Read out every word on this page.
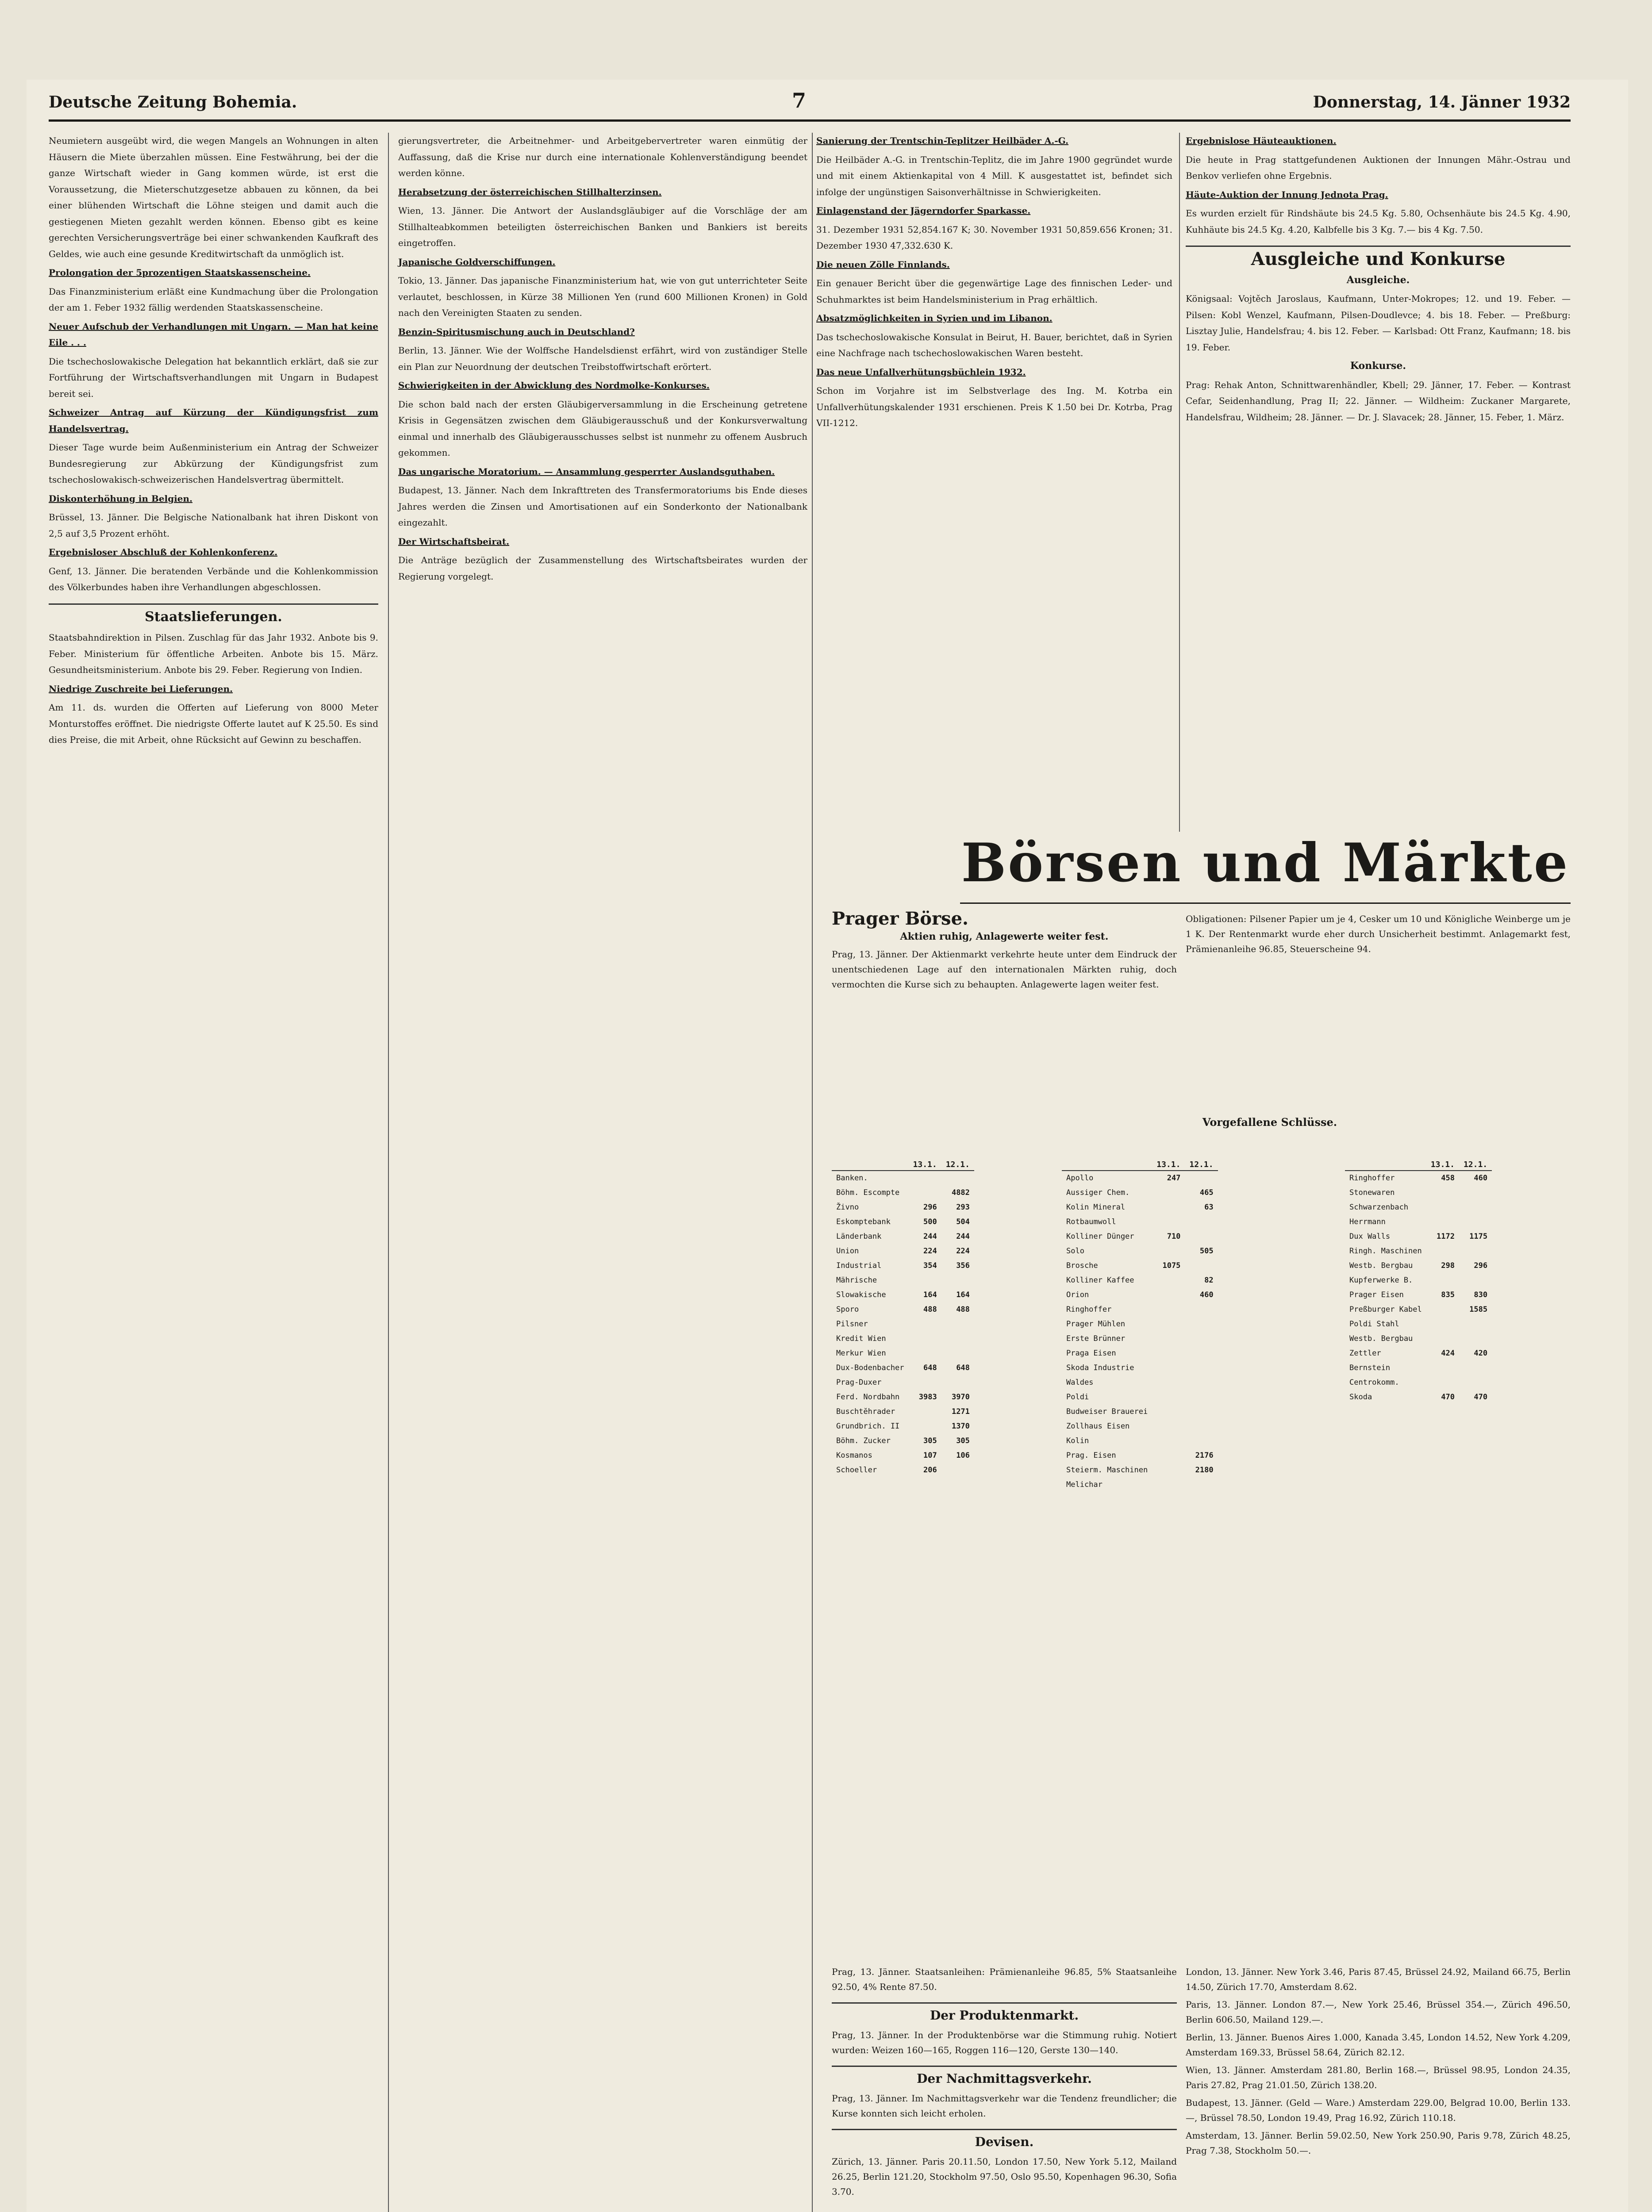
Deutsche Zeitung Bohemia.	7	Donnerstag, 14. Jänner 1932

Neumietern ausgeübt wird, die wegen Mangels an Wohnungen in alten Häusern die Miete überzahlen müssen. Eine Festwährung, bei der die ganze Wirtschaft wieder in Gang kommen würde, ist erst die Voraussetzung, die Mieterschutzgesetze abbauen zu können, da bei einer blühenden Wirtschaft die Löhne steigen und damit auch die gestiegenen Mieten gezahlt werden können. Ebenso gibt es keine gerechten Versicherungsverträge bei einer schwankenden Kaufkraft des Geldes, wie auch eine gesunde Kreditwirtschaft da unmöglich ist.

Prolongation der 5prozentigen Staatskassenscheine.

Das Finanzministerium erläßt eine Kundmachung über die Prolongation der am 1. Feber 1932 fällig werdenden Staatskassenscheine.

Neuer Aufschub der Verhandlungen mit Ungarn. — Man hat keine Eile . . .

Die tschechoslowakische Delegation hat bekanntlich erklärt, daß sie zur Fortführung der Wirtschaftsverhandlungen mit Ungarn in Budapest bereit sei.

Schweizer Antrag auf Kürzung der Kündigungsfrist zum Handelsvertrag.

Dieser Tage wurde beim Außenministerium ein Antrag der Schweizer Bundesregierung zur Abkürzung der Kündigungsfrist zum tschechoslowakisch-schweizerischen Handelsvertrag übermittelt.

Diskonterhöhung in Belgien.

Brüssel, 13. Jänner. Die Belgische Nationalbank hat ihren Diskont von 2,5 auf 3,5 Prozent erhöht.

Ergebnisloser Abschluß der Kohlenkonferenz.

Genf, 13. Jänner. Die beratenden Verbände und die Kohlenkommission des Völkerbundes haben ihre Verhandlungen abgeschlossen.

Staatslieferungen.

Staatsbahndirektion in Pilsen. Zuschlag für das Jahr 1932. Anbote bis 9. Feber. Ministerium für öffentliche Arbeiten. Anbote bis 15. März. Gesundheitsministerium. Anbote bis 29. Feber. Regierung von Indien.

Niedrige Zuschreite bei Lieferungen.

Am 11. ds. wurden die Offerten auf Lieferung von 8000 Meter Monturstoffes eröffnet. Die niedrigste Offerte lautet auf K 25.50. Es sind dies Preise, die mit Arbeit, ohne Rücksicht auf Gewinn zu beschaffen.

gierungsvertreter, die Arbeitnehmer- und Arbeitgebervertreter waren einmütig der Auffassung, daß die Krise nur durch eine internationale Kohlenverständigung beendet werden könne.

Herabsetzung der österreichischen Stillhalterzinsen.

Wien, 13. Jänner. Die Antwort der Auslandsgläubiger auf die Vorschläge der am Stillhalteabkommen beteiligten österreichischen Banken und Bankiers ist bereits eingetroffen.

Japanische Goldverschiffungen.

Tokio, 13. Jänner. Das japanische Finanzministerium hat, wie von gut unterrichteter Seite verlautet, beschlossen, in Kürze 38 Millionen Yen (rund 600 Millionen Kronen) in Gold nach den Vereinigten Staaten zu senden.

Benzin-Spiritusmischung auch in Deutschland?

Berlin, 13. Jänner. Wie der Wolffsche Handelsdienst erfährt, wird von zuständiger Stelle ein Plan zur Neuordnung der deutschen Treibstoffwirtschaft erörtert.

Schwierigkeiten in der Abwicklung des Nordmolke-Konkurses.

Die schon bald nach der ersten Gläubigerversammlung in die Erscheinung getretene Krisis in Gegensätzen zwischen dem Gläubigerausschuß und der Konkursverwaltung einmal und innerhalb des Gläubigerausschusses selbst ist nunmehr zu offenem Ausbruch gekommen.

Das ungarische Moratorium. — Ansammlung gesperrter Auslandsguthaben.

Budapest, 13. Jänner. Nach dem Inkrafttreten des Transfermoratoriums bis Ende dieses Jahres werden die Zinsen und Amortisationen auf ein Sonderkonto der Nationalbank eingezahlt.

Der Wirtschaftsbeirat.

Die Anträge bezüglich der Zusammenstellung des Wirtschaftsbeirates wurden der Regierung vorgelegt.

Sanierung der Trentschin-Teplitzer Heilbäder A.-G.

Die Heilbäder A.-G. in Trentschin-Teplitz, die im Jahre 1900 gegründet wurde und mit einem Aktienkapital von 4 Mill. K ausgestattet ist, befindet sich infolge der ungünstigen Saisonverhältnisse in Schwierigkeiten.

Einlagenstand der Jägerndorfer Sparkasse.

31. Dezember 1931 52,854.167 K; 30. November 1931 50,859.656 Kronen; 31. Dezember 1930 47,332.630 K.

Die neuen Zölle Finnlands.

Ein genauer Bericht über die gegenwärtige Lage des finnischen Leder- und Schuhmarktes ist beim Handelsministerium in Prag erhältlich.

Absatzmöglichkeiten in Syrien und im Libanon.

Das tschechoslowakische Konsulat in Beirut, H. Bauer, berichtet, daß in Syrien eine Nachfrage nach tschechoslowakischen Waren besteht.

Das neue Unfallverhütungsbüchlein 1932.

Schon im Vorjahre ist im Selbstverlage des Ing. M. Kotrba ein Unfallverhütungskalender 1931 erschienen. Preis K 1.50 bei Dr. Kotrba, Prag VII-1212.

Ergebnislose Häuteauktionen.

Die heute in Prag stattgefundenen Auktionen der Innungen Mähr.-Ostrau und Benkov verliefen ohne Ergebnis.

Häute-Auktion der Innung Jednota Prag.

Es wurden erzielt für Rindshäute bis 24.5 Kg. 5.80, Ochsenhäute bis 24.5 Kg. 4.90, Kuhhäute bis 24.5 Kg. 4.20, Kalbfelle bis 3 Kg. 7.— bis 4 Kg. 7.50.

Ausgleiche und Konkurse
Ausgleiche.

Königsaal: Vojtěch Jaroslaus, Kaufmann, Unter-Mokropes; 12. und 19. Feber. — Pilsen: Kobl Wenzel, Kaufmann, Pilsen-Doudlevce; 4. bis 18. Feber. — Preßburg: Lisztay Julie, Handelsfrau; 4. bis 12. Feber. — Karlsbad: Ott Franz, Kaufmann; 18. bis 19. Feber.

Konkurse.

Prag: Rehak Anton, Schnittwarenhändler, Kbell; 29. Jänner, 17. Feber. — Kontrast Cefar, Seidenhandlung, Prag II; 22. Jänner. — Wildheim: Zuckaner Margarete, Handelsfrau, Wildheim; 28. Jänner. — Dr. J. Slavacek; 28. Jänner, 15. Feber, 1. März.

Börsen und Märkte
Prager Börse.
Aktien ruhig, Anlagewerte weiter fest.

Prag, 13. Jänner. Der Aktienmarkt verkehrte heute unter dem Eindruck der unentschiedenen Lage auf den internationalen Märkten ruhig, doch vermochten die Kurse sich zu behaupten. Anlagewerte lagen weiter fest.

Obligationen: Pilsener Papier um je 4, Cesker um 10 und Königliche Weinberge um je 1 K. Der Rentenmarkt wurde eher durch Unsicherheit bestimmt. Anlagemarkt fest, Prämienanleihe 96.85, Steuerscheine 94.

Vorgefallene Schlüsse.
	13.1.	12.1.
Banken.		
Böhm. Escompte		4882
Živno	296	293
Eskomptebank	500	504
Länderbank	244	244
Union	224	224
Industrial	354	356
Mährische		
Slowakische	164	164
Sporo	488	488
Pilsner		
Kredit Wien		
Merkur Wien		
Dux-Bodenbacher	648	648
Prag-Duxer		
Ferd. Nordbahn	3983	3970
Buschtĕhrader		1271
Grundbrich. II		1370
Böhm. Zucker	305	305
Kosmanos	107	106
Schoeller	206	
	13.1.	12.1.
Apollo	247	
Aussiger Chem.		465
Kolin Mineral		63
Rotbaumwoll		
Kolliner Dünger	710	
Solo		505
Brosche	1075	
Kolliner Kaffee		82
Orion		460
Ringhoffer		
Prager Mühlen		
Erste Brünner		
Praga Eisen		
Skoda Industrie		
Waldes		
Poldi		
Budweiser Brauerei		
Zollhaus Eisen		
Kolin		
Prag. Eisen		2176
Steierm. Maschinen		2180
Melichar		
	13.1.	12.1.
Ringhoffer	458	460
Stonewaren		
Schwarzenbach		
Herrmann		
Dux Walls	1172	1175
Ringh. Maschinen		
Westb. Bergbau	298	296
Kupferwerke B.		
Prager Eisen	835	830
Preßburger Kabel		1585
Poldi Stahl		
Westb. Bergbau		
Zettler	424	420
Bernstein		
Centrokomm.		
Skoda	470	470

Prag, 13. Jänner. Staatsanleihen: Prämienanleihe 96.85, 5% Staatsanleihe 92.50, 4% Rente 87.50.

Der Produktenmarkt.

Prag, 13. Jänner. In der Produktenbörse war die Stimmung ruhig. Notiert wurden: Weizen 160—165, Roggen 116—120, Gerste 130—140.

Der Nachmittagsverkehr.

Prag, 13. Jänner. Im Nachmittagsverkehr war die Tendenz freundlicher; die Kurse konnten sich leicht erholen.

Devisen.

Zürich, 13. Jänner. Paris 20.11.50, London 17.50, New York 5.12, Mailand 26.25, Berlin 121.20, Stockholm 97.50, Oslo 95.50, Kopenhagen 96.30, Sofia 3.70.

London, 13. Jänner. New York 3.46, Paris 87.45, Brüssel 24.92, Mailand 66.75, Berlin 14.50, Zürich 17.70, Amsterdam 8.62.

Paris, 13. Jänner. London 87.—, New York 25.46, Brüssel 354.—, Zürich 496.50, Berlin 606.50, Mailand 129.—.

Berlin, 13. Jänner. Buenos Aires 1.000, Kanada 3.45, London 14.52, New York 4.209, Amsterdam 169.33, Brüssel 58.64, Zürich 82.12.

Wien, 13. Jänner. Amsterdam 281.80, Berlin 168.—, Brüssel 98.95, London 24.35, Paris 27.82, Prag 21.01.50, Zürich 138.20.

Budapest, 13. Jänner. (Geld — Ware.) Amsterdam 229.00, Belgrad 10.00, Berlin 133.—, Brüssel 78.50, London 19.49, Prag 16.92, Zürich 110.18.

Amsterdam, 13. Jänner. Berlin 59.02.50, New York 250.90, Paris 9.78, Zürich 48.25, Prag 7.38, Stockholm 50.—.
